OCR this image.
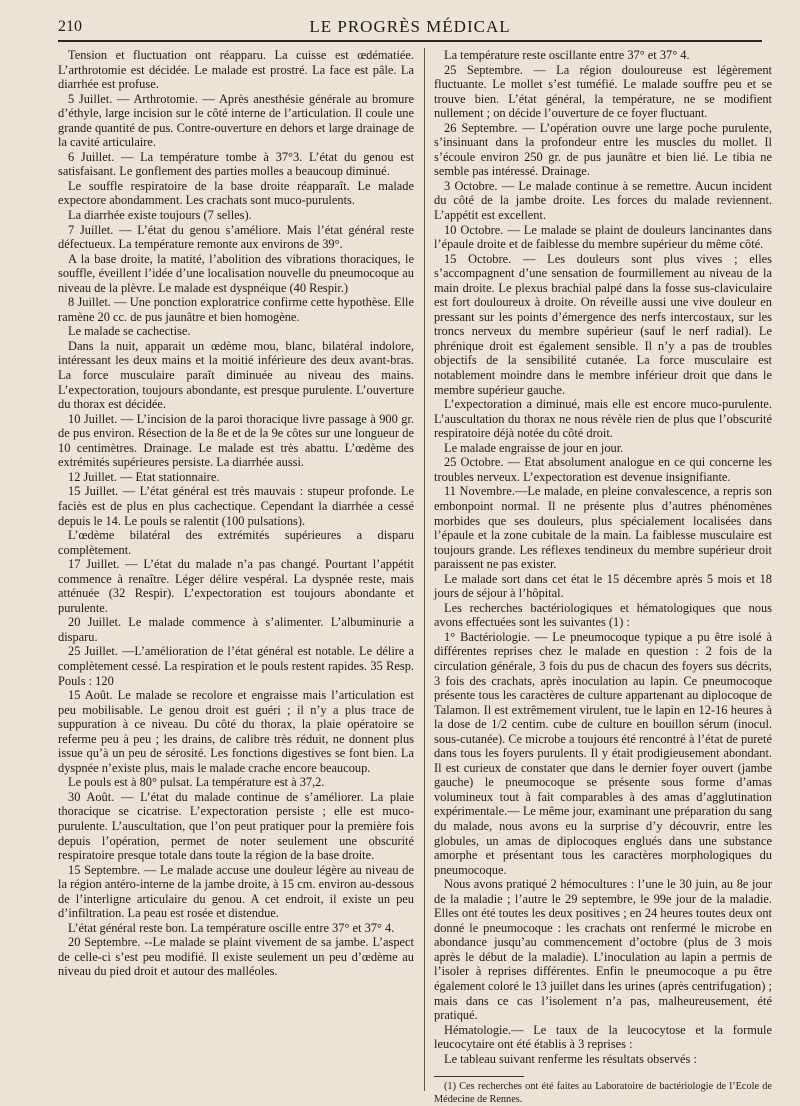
210	LE PROGRÈS MÉDICAL

Tension et fluctuation ont réapparu. La cuisse est œdématiée. L’arthrotomie est décidée. Le malade est prostré. La face est pâle. La diarrhée est profuse.

5 Juillet. — Arthrotomie. — Après anesthésie générale au bromure d’éthyle, large incision sur le côté interne de l’articulation. Il coule une grande quantité de pus. Contre-ouverture en dehors et large drainage de la cavité articulaire.

6 Juillet. — La température tombe à 37°3. L’état du genou est satisfaisant. Le gonflement des parties molles a beaucoup diminué.

Le souffle respiratoire de la base droite réapparaît. Le malade expectore abondamment. Les crachats sont muco-purulents.

La diarrhée existe toujours (7 selles).

7 Juillet. — L’état du genou s’améliore. Mais l’état général reste défectueux. La température remonte aux environs de 39°.

A la base droite, la matité, l’abolition des vibrations thoraciques, le souffle, éveillent l’idée d’une localisation nouvelle du pneumocoque au niveau de la plèvre. Le malade est dyspnéique (40 Respir.)

8 Juillet. — Une ponction exploratrice confirme cette hypothèse. Elle ramène 20 cc. de pus jaunâtre et bien homogène.

Le malade se cachectise.

Dans la nuit, apparait un œdème mou, blanc, bilatéral indolore, intéressant les deux mains et la moitié inférieure des deux avant-bras. La force musculaire paraît diminuée au niveau des mains. L’expectoration, toujours abondante, est presque purulente. L’ouverture du thorax est décidée.

10 Juillet. — L’incision de la paroi thoracique livre passage à 900 gr. de pus environ. Résection de la 8e et de la 9e côtes sur une longueur de 10 centimètres. Drainage. Le malade est très abattu. L’œdème des extrémités supérieures persiste. La diarrhée aussi.

12 Juillet. — Etat stationnaire.

15 Juillet. — L’état général est très mauvais : stupeur profonde. Le faciès est de plus en plus cachectique. Cependant la diarrhée a cessé depuis le 14. Le pouls se ralentit (100 pulsations).

L’œdème bilatéral des extrémités supérieures a disparu complètement.

17 Juillet. — L’état du malade n’a pas changé. Pourtant l’appétit commence à renaître. Léger délire vespéral. La dyspnée reste, mais atténuée (32 Respir). L’expectoration est toujours abondante et purulente.

20 Juillet. Le malade commence à s’alimenter. L’albuminurie a disparu.

25 Juillet. —L’amélioration de l’état général est notable. Le délire a complètement cessé. La respiration et le pouls restent rapides. 35 Resp. Pouls : 120

15 Août. Le malade se recolore et engraisse mais l’articulation est peu mobilisable. Le genou droit est guéri ; il n’y a plus trace de suppuration à ce niveau. Du côté du thorax, la plaie opératoire se referme peu à peu ; les drains, de calibre très réduit, ne donnent plus issue qu’à un peu de sérosité. Les fonctions digestives se font bien. La dyspnée n’existe plus, mais le malade crache encore beaucoup.

Le pouls est à 80° pulsat. La température est à 37,2.

30 Août. — L’état du malade continue de s’améliorer. La plaie thoracique se cicatrise. L’expectoration persiste ; elle est muco-purulente. L’auscultation, que l’on peut pratiquer pour la première fois depuis l’opération, permet de noter seulement une obscurité respiratoire presque totale dans toute la région de la base droite.

15 Septembre. — Le malade accuse une douleur légère au niveau de la région antéro-interne de la jambe droite, à 15 cm. environ au-dessous de l’interligne articulaire du genou. A cet endroit, il existe un peu d’infiltration. La peau est rosée et distendue.

L’état général reste bon. La température oscille entre 37° et 37° 4.

20 Septembre. --Le malade se plaint vivement de sa jambe. L’aspect de celle-ci s’est peu modifié. Il existe seulement un peu d’œdème au niveau du pied droit et autour des malléoles.

La température reste oscillante entre 37° et 37° 4.

25 Septembre. — La région douloureuse est légèrement fluctuante. Le mollet s’est tuméfié. Le malade souffre peu et se trouve bien. L’état général, la température, ne se modifient nullement ; on décide l’ouverture de ce foyer fluctuant.

26 Septembre. — L’opération ouvre une large poche purulente, s’insinuant dans la profondeur entre les muscles du mollet. Il s’écoule environ 250 gr. de pus jaunâtre et bien lié. Le tibia ne semble pas intéressé. Drainage.

3 Octobre. — Le malade continue à se remettre. Aucun incident du côté de la jambe droite. Les forces du malade reviennent. L’appétit est excellent.

10 Octobre. — Le malade se plaint de douleurs lancinantes dans l’épaule droite et de faiblesse du membre supérieur du même côté.

15 Octobre. — Les douleurs sont plus vives ; elles s’accompagnent d’une sensation de fourmillement au niveau de la main droite. Le plexus brachial palpé dans la fosse sus-claviculaire est fort douloureux à droite. On réveille aussi une vive douleur en pressant sur les points d’émergence des nerfs intercostaux, sur les troncs nerveux du membre supérieur (sauf le nerf radial). Le phrénique droit est également sensible. Il n’y a pas de troubles objectifs de la sensibilité cutanée. La force musculaire est notablement moindre dans le membre inférieur droit que dans le membre supérieur gauche.

L’expectoration a diminué, mais elle est encore muco-purulente. L’auscultation du thorax ne nous révèle rien de plus que l’obscurité respiratoire déjà notée du côté droit.

Le malade engraisse de jour en jour.

25 Octobre. — Etat absolument analogue en ce qui concerne les troubles nerveux. L’expectoration est devenue insignifiante.

11 Novembre.—Le malade, en pleine convalescence, a repris son embonpoint normal. Il ne présente plus d’autres phénomènes morbides que ses douleurs, plus spécialement localisées dans l’épaule et la zone cubitale de la main. La faiblesse musculaire est toujours grande. Les réflexes tendineux du membre supérieur droit paraissent ne pas exister.

Le malade sort dans cet état le 15 décembre après 5 mois et 18 jours de séjour à l’hôpital.

Les recherches bactériologiques et hématologiques que nous avons effectuées sont les suivantes (1) :

1° Bactériologie. — Le pneumocoque typique a pu être isolé à différentes reprises chez le malade en question : 2 fois de la circulation générale, 3 fois du pus de chacun des foyers sus décrits, 3 fois des crachats, après inoculation au lapin. Ce pneumocoque présente tous les caractères de culture appartenant au diplocoque de Talamon. Il est extrêmement virulent, tue le lapin en 12-16 heures à la dose de 1/2 centim. cube de culture en bouillon sérum (inocul. sous-cutanée). Ce microbe a toujours été rencontré à l’état de pureté dans tous les foyers purulents. Il y était prodigieusement abondant. Il est curieux de constater que dans le dernier foyer ouvert (jambe gauche) le pneumocoque se présente sous forme d’amas volumineux tout à fait comparables à des amas d’agglutination expérimentale.— Le même jour, examinant une préparation du sang du malade, nous avons eu la surprise d’y découvrir, entre les globules, un amas de diplocoques englués dans une substance amorphe et présentant tous les caractères morphologiques du pneumocoque.

Nous avons pratiqué 2 hémocultures : l’une le 30 juin, au 8e jour de la maladie ; l’autre le 29 septembre, le 99e jour de la maladie. Elles ont été toutes les deux positives ; en 24 heures toutes deux ont donné le pneumocoque : les crachats ont renfermé le microbe en abondance jusqu’au commencement d’octobre (plus de 3 mois après le début de la maladie). L’inoculation au lapin a permis de l’isoler à reprises différentes. Enfin le pneumocoque a pu être également coloré le 13 juillet dans les urines (après centrifugation) ; mais dans ce cas l’isolement n’a pas, malheureusement, été pratiqué.

Hématologie.— Le taux de la leucocytose et la formule leucocytaire ont été établis à 3 reprises :

Le tableau suivant renferme les résultats observés :

(1) Ces recherches ont été faites au Laboratoire de bactériologie de l’Ecole de Médecine de Rennes.
